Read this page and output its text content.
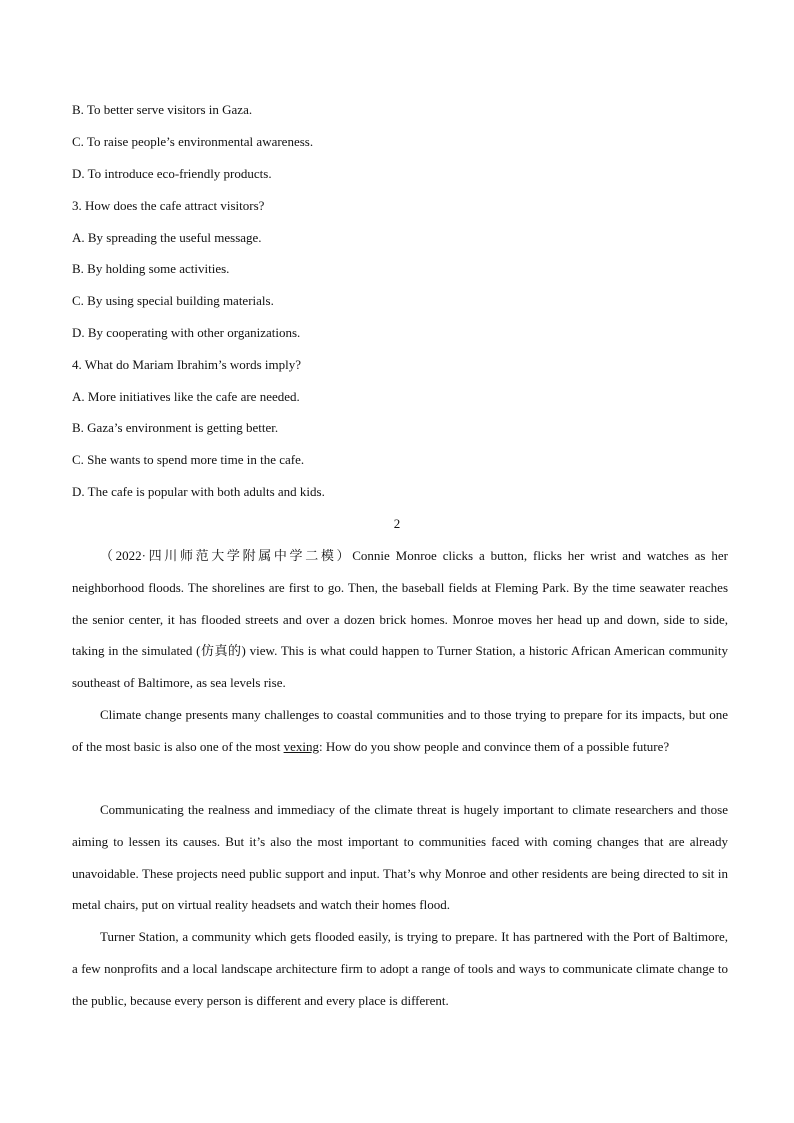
B. To better serve visitors in Gaza.
C. To raise people’s environmental awareness.
D. To introduce eco-friendly products.
3. How does the cafe attract visitors?
A. By spreading the useful message.
B. By holding some activities.
C. By using special building materials.
D. By cooperating with other organizations.
4. What do Mariam Ibrahim’s words imply?
A. More initiatives like the cafe are needed.
B. Gaza’s environment is getting better.
C. She wants to spend more time in the cafe.
D. The cafe is popular with both adults and kids.
2

（2022·四川师范大学附属中学二模）Connie Monroe clicks a button, flicks her wrist and watches as her neighborhood floods. The shorelines are first to go. Then, the baseball fields at Fleming Park. By the time seawater reaches the senior center, it has flooded streets and over a dozen brick homes. Monroe moves her head up and down, side to side, taking in the simulated (仿真的) view. This is what could happen to Turner Station, a historic African American community southeast of Baltimore, as sea levels rise.

Climate change presents many challenges to coastal communities and to those trying to prepare for its impacts, but one of the most basic is also one of the most vexing: How do you show people and convince them of a possible future?

Communicating the realness and immediacy of the climate threat is hugely important to climate researchers and those aiming to lessen its causes. But it’s also the most important to communities faced with coming changes that are already unavoidable. These projects need public support and input. That’s why Monroe and other residents are being directed to sit in metal chairs, put on virtual reality headsets and watch their homes flood.

Turner Station, a community which gets flooded easily, is trying to prepare. It has partnered with the Port of Baltimore, a few nonprofits and a local landscape architecture firm to adopt a range of tools and ways to communicate climate change to the public, because every person is different and every place is different.
